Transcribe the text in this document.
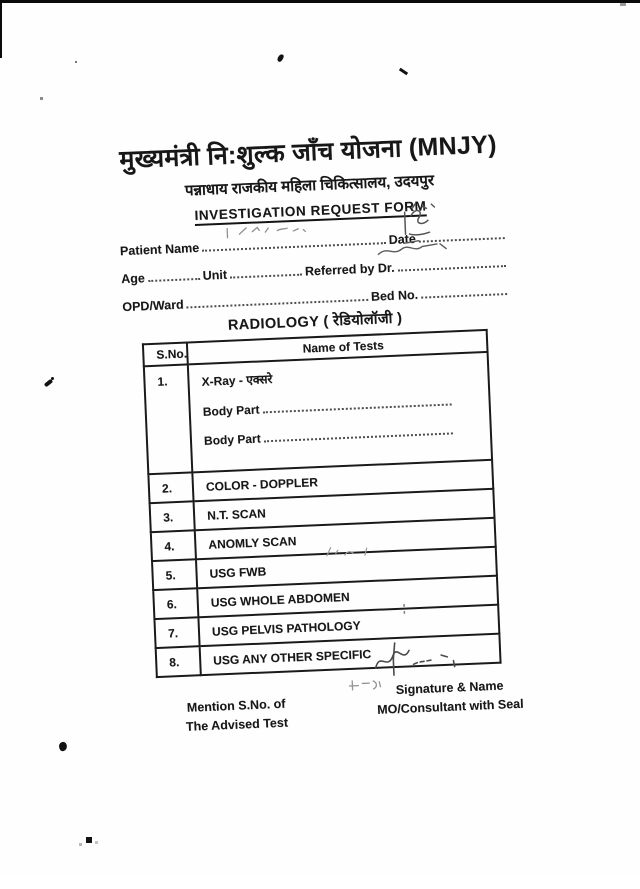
मुख्यमंत्री नि:शुल्क जाँच योजना (MNJY)
पन्नाधाय राजकीय महिला चिकित्सालय, उदयपुर
INVESTIGATION REQUEST FORM
Patient Name
Date
Age	Unit	Referred by Dr.
OPD/Ward
Bed No.
RADIOLOGY ( रेडियोलॉजी )
S.No.	Name of Tests
1.	X-Ray - एक्सरे
Body Part
Body Part

2.	COLOR - DOPPLER
3.	N.T. SCAN
4.	ANOMLY SCAN
5.	USG FWB
6.	USG WHOLE ABDOMEN
7.	USG PELVIS PATHOLOGY
8.	USG ANY OTHER SPECIFIC
Mention S.No. of
The Advised Test
Signature & Name
MO/Consultant with Seal
